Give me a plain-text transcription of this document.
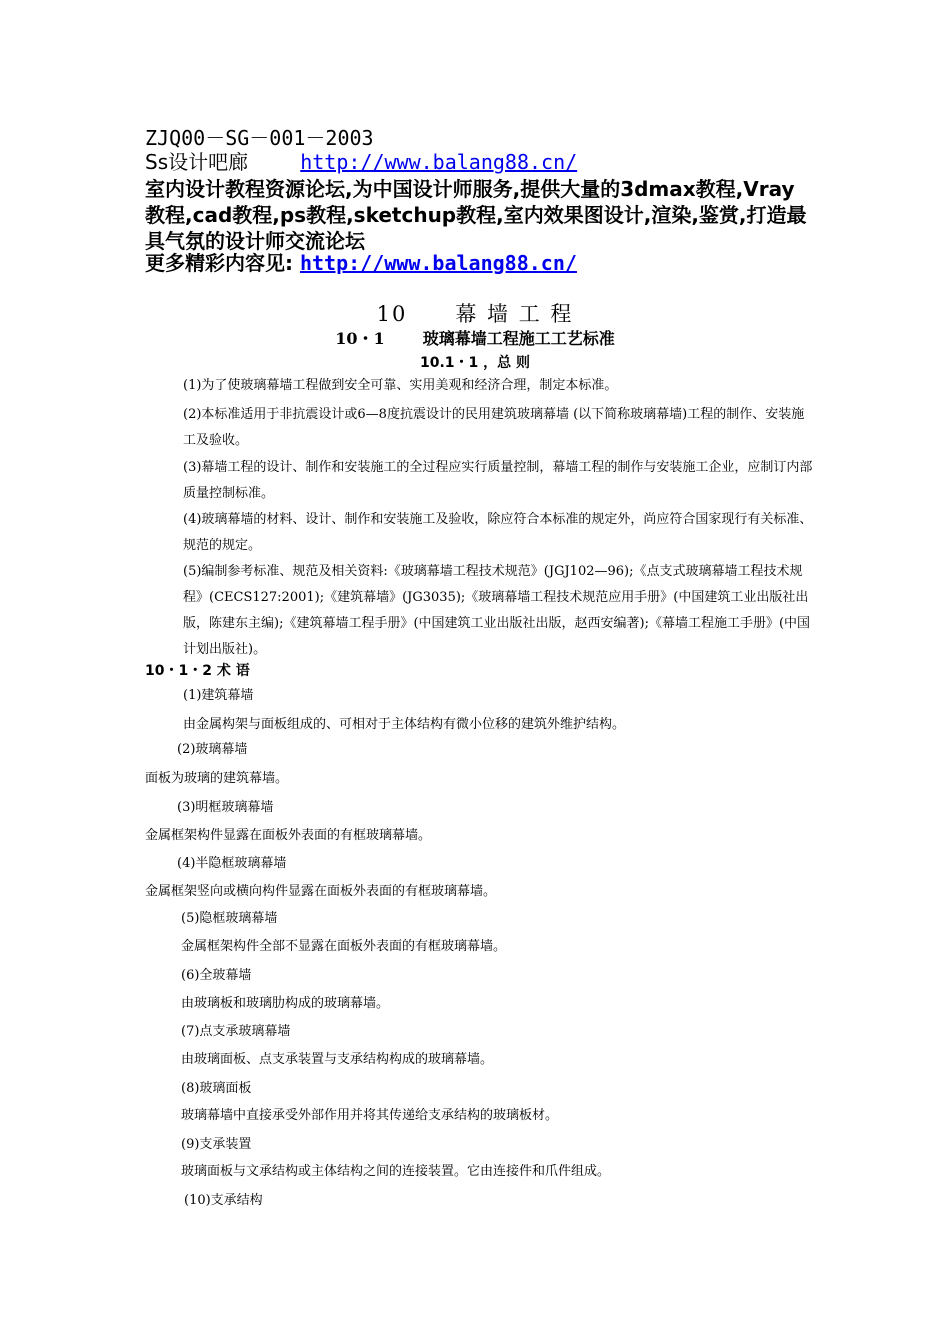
ZJQ00－SG－001－2003
Ss设计吧廊	http://www.balang88.cn/
室内设计教程资源论坛,为中国设计师服务,提供大量的3dmax教程,Vray教程,cad教程,ps教程,sketchup教程,室内效果图设计,渲染,鉴赏,打造最具气氛的设计师交流论坛
更多精彩内容见: http://www.balang88.cn/
10 幕 墙 工 程
10・1 玻璃幕墙工程施工工艺标准
10.1・1 ，总 则
(1)为了使玻璃幕墙工程做到安全可靠、实用美观和经济合理，制定本标准。
(2)本标准适用于非抗震设计或6—8度抗震设计的民用建筑玻璃幕墙 (以下简称玻璃幕墙)工程的制作、安装施工及验收。
(3)幕墙工程的设计、制作和安装施工的全过程应实行质量控制，幕墙工程的制作与安装施工企业，应制订内部质量控制标准。
(4)玻璃幕墙的材料、设计、制作和安装施工及验收，除应符合本标准的规定外，尚应符合国家现行有关标准、规范的规定。
(5)编制参考标准、规范及相关资料:《玻璃幕墙工程技术规范》(JGJ102—96);《点支式玻璃幕墙工程技术规程》(CECS127:2001);《建筑幕墙》(JG3035);《玻璃幕墙工程技术规范应用手册》(中国建筑工业出版社出版，陈建东主编);《建筑幕墙工程手册》(中国建筑工业出版社出版，赵西安编著);《幕墙工程施工手册》(中国计划出版社)。
10・1・2 术 语
(1)建筑幕墙
由金属构架与面板组成的、可相对于主体结构有微小位移的建筑外维护结构。
(2)玻璃幕墙
面板为玻璃的建筑幕墙。
(3)明框玻璃幕墙
金属框架构件显露在面板外表面的有框玻璃幕墙。
(4)半隐框玻璃幕墙
金属框架竖向或横向构件显露在面板外表面的有框玻璃幕墙。
(5)隐框玻璃幕墙
金属框架构件全部不显露在面板外表面的有框玻璃幕墙。
(6)全玻幕墙
由玻璃板和玻璃肋构成的玻璃幕墙。
(7)点支承玻璃幕墙
由玻璃面板、点支承装置与支承结构构成的玻璃幕墙。
(8)玻璃面板
玻璃幕墙中直接承受外部作用并将其传递给支承结构的玻璃板材。
(9)支承装置
玻璃面板与文承结构或主体结构之间的连接装置。它由连接件和爪件组成。
(10)支承结构
